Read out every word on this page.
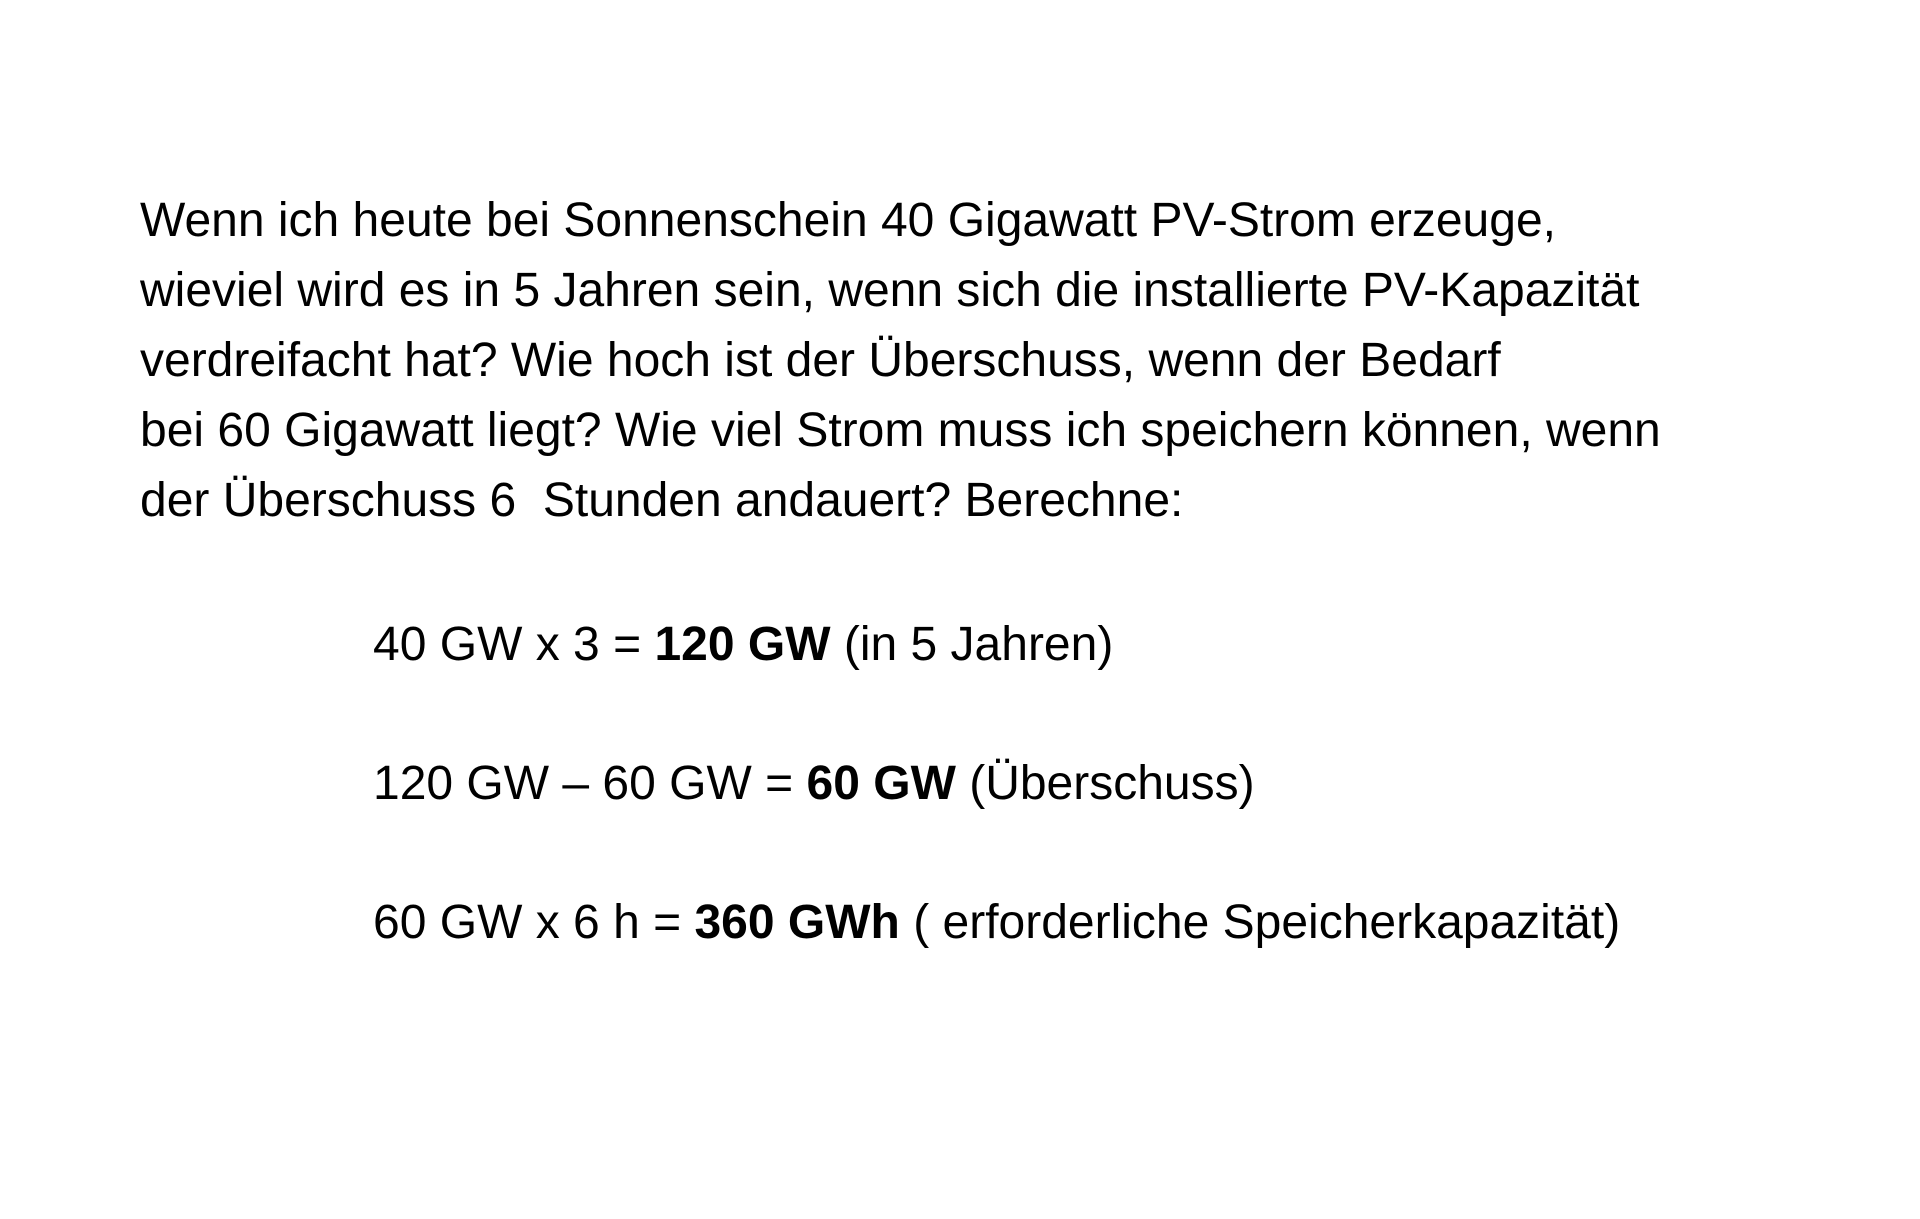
Wenn ich heute bei Sonnenschein 40 Gigawatt PV-Strom erzeuge,
wieviel wird es in 5 Jahren sein, wenn sich die installierte PV-Kapazität
verdreifacht hat? Wie hoch ist der Überschuss, wenn der Bedarf
bei 60 Gigawatt liegt? Wie viel Strom muss ich speichern können, wenn
der Überschuss 6  Stunden andauert? Berechne:

40 GW x 3 = 120 GW (in 5 Jahren)
120 GW – 60 GW = 60 GW (Überschuss)
60 GW x 6 h = 360 GWh ( erforderliche Speicherkapazität)
